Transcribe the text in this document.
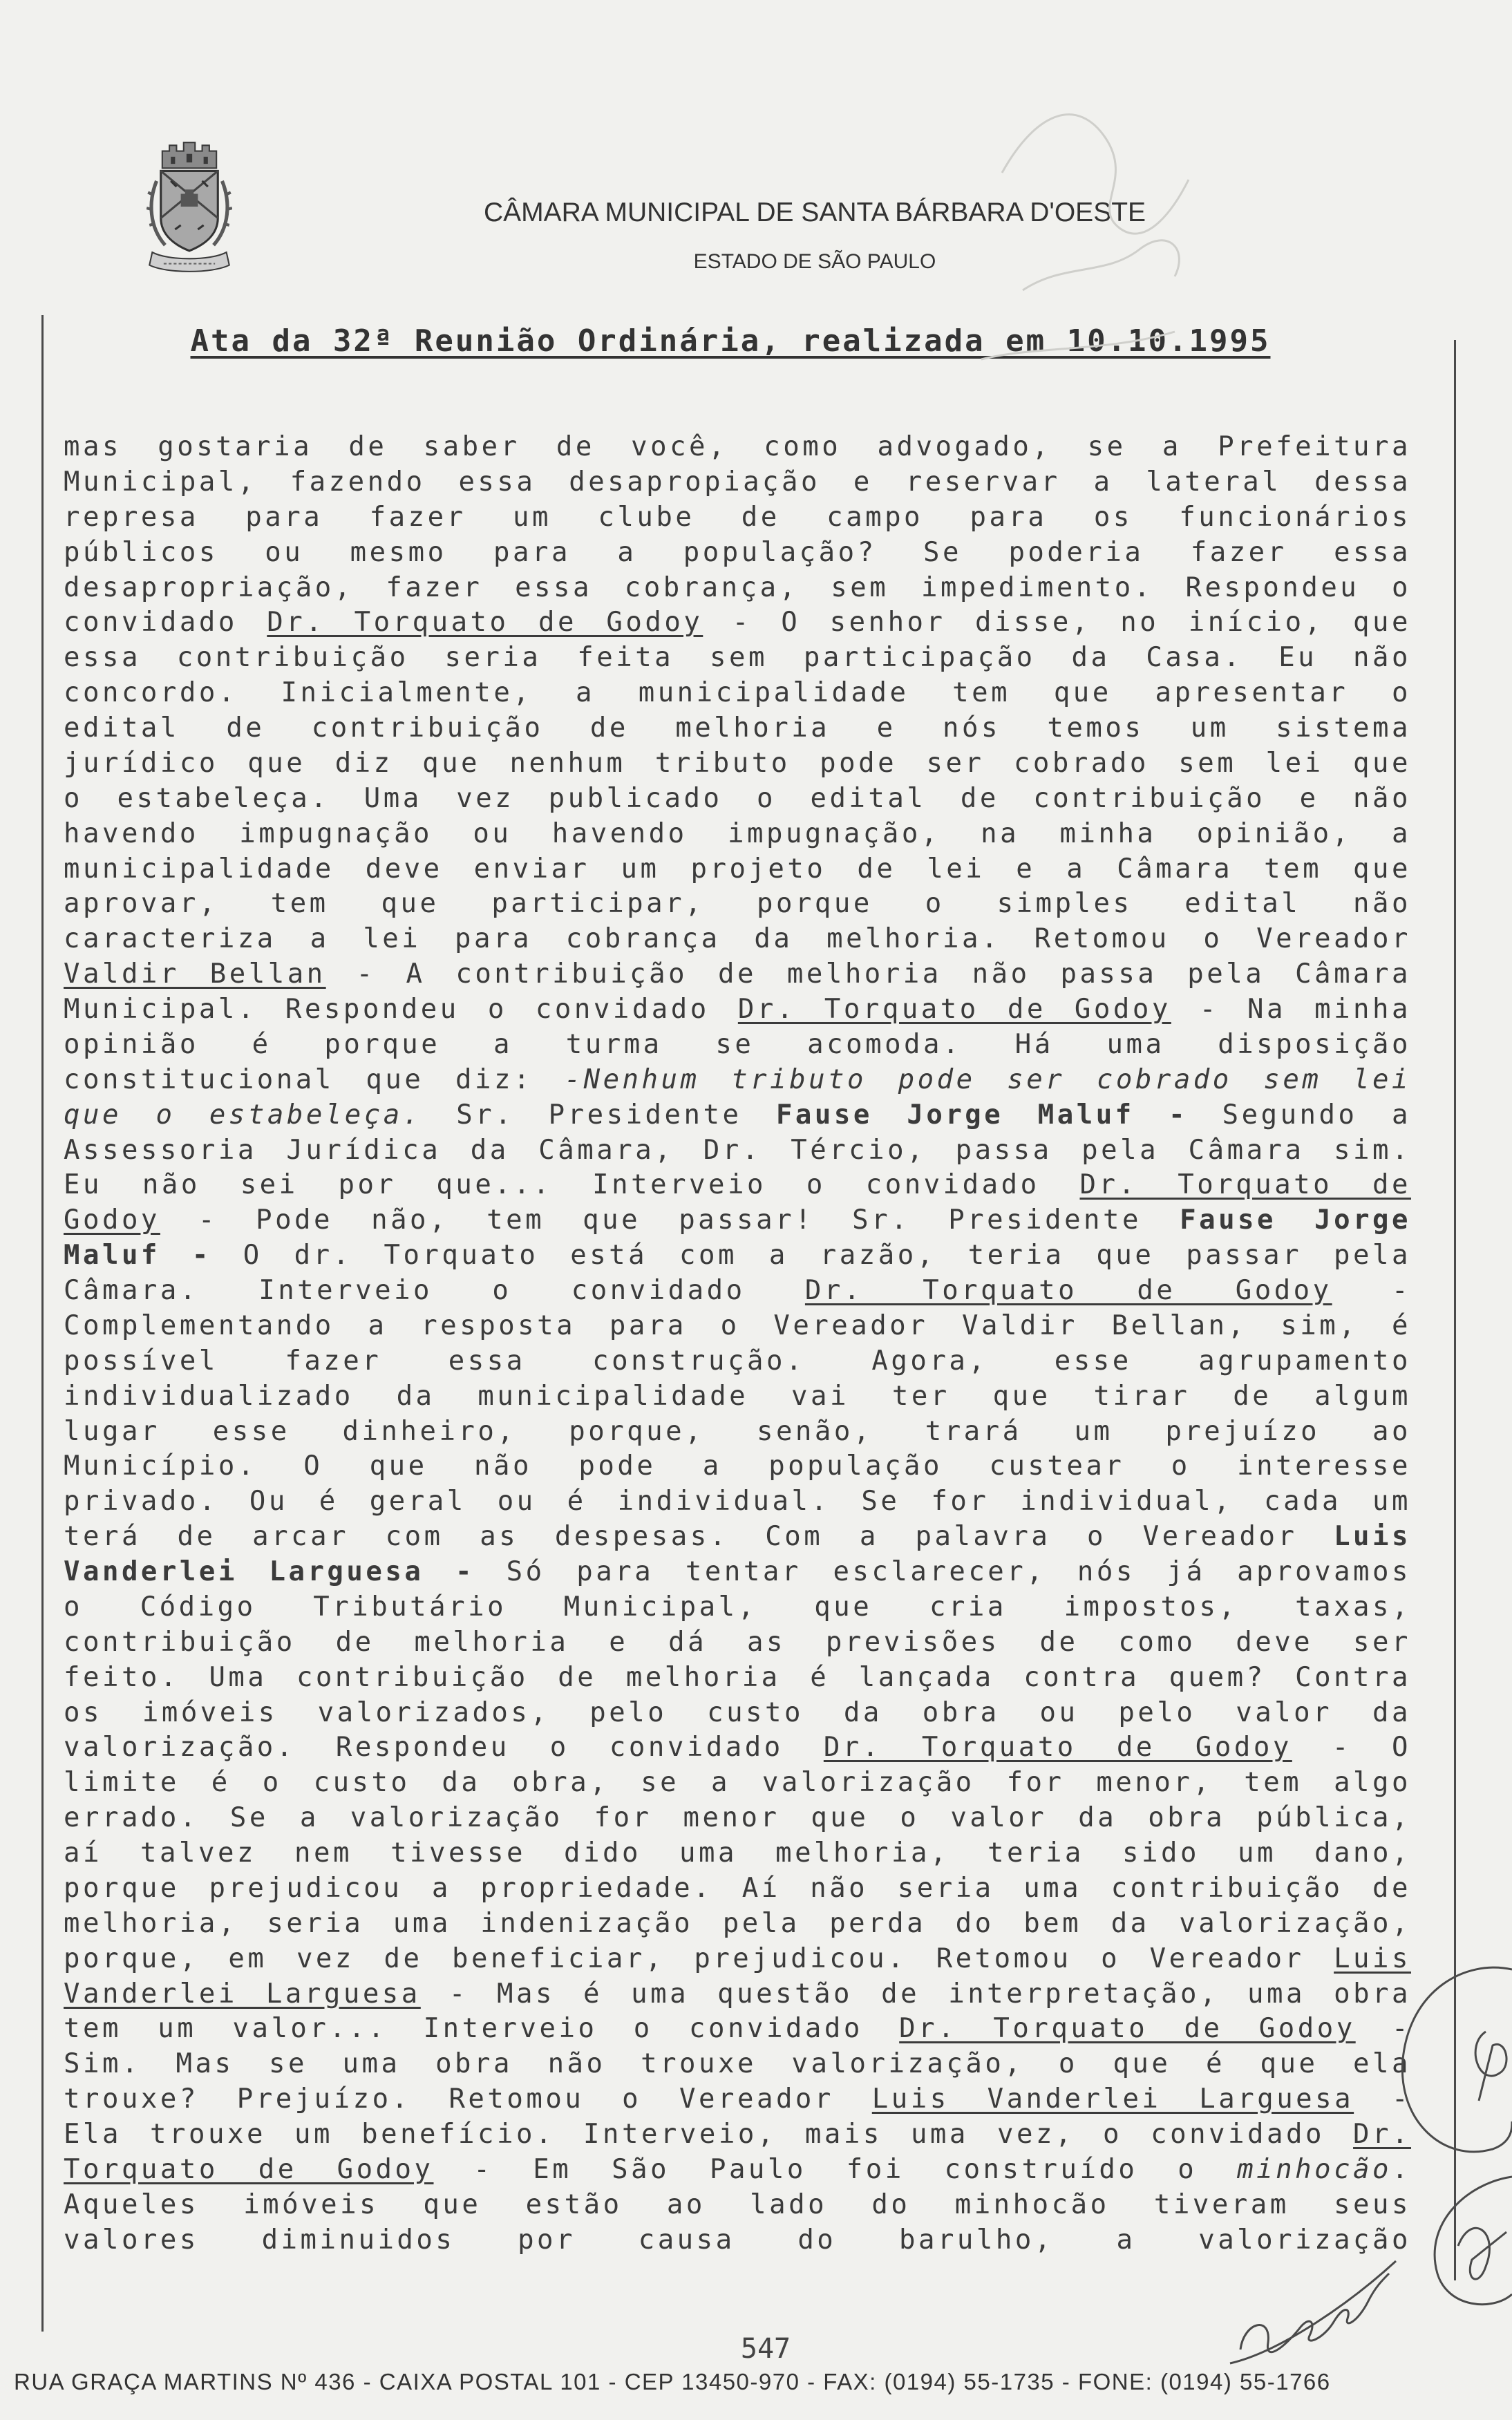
CÂMARA MUNICIPAL DE SANTA BÁRBARA D'OESTE
ESTADO DE SÃO PAULO
Ata da 32ª Reunião Ordinária, realizada em 10.10.1995
mas gostaria de saber de você, como advogado, se a Prefeitura
Municipal, fazendo essa desapropiação e reservar a lateral dessa
represa para fazer um clube de campo para os funcionários
públicos ou mesmo para a população? Se poderia fazer essa
desapropriação, fazer essa cobrança, sem impedimento. Respondeu o
convidado Dr. Torquato de Godoy - O senhor disse, no início, que
essa contribuição seria feita sem participação da Casa. Eu não
concordo. Inicialmente, a municipalidade tem que apresentar o
edital de contribuição de melhoria e nós temos um sistema
jurídico que diz que nenhum tributo pode ser cobrado sem lei que
o estabeleça. Uma vez publicado o edital de contribuição e não
havendo impugnação ou havendo impugnação, na minha opinião, a
municipalidade deve enviar um projeto de lei e a Câmara tem que
aprovar, tem que participar, porque o simples edital não
caracteriza a lei para cobrança da melhoria. Retomou o Vereador
Valdir Bellan - A contribuição de melhoria não passa pela Câmara
Municipal. Respondeu o convidado Dr. Torquato de Godoy - Na minha
opinião é porque a turma se acomoda. Há uma disposição
constitucional que diz: -Nenhum tributo pode ser cobrado sem lei
que o estabeleça. Sr. Presidente Fause Jorge Maluf - Segundo a
Assessoria Jurídica da Câmara, Dr. Tércio, passa pela Câmara sim.
Eu não sei por que... Interveio o convidado Dr. Torquato de
Godoy - Pode não, tem que passar! Sr. Presidente Fause Jorge
Maluf - O dr. Torquato está com a razão, teria que passar pela
Câmara. Interveio o convidado Dr. Torquato de Godoy -
Complementando a resposta para o Vereador Valdir Bellan, sim, é
possível fazer essa construção. Agora, esse agrupamento
individualizado da municipalidade vai ter que tirar de algum
lugar esse dinheiro, porque, senão, trará um prejuízo ao
Município. O que não pode a população custear o interesse
privado. Ou é geral ou é individual. Se for individual, cada um
terá de arcar com as despesas. Com a palavra o Vereador Luis
Vanderlei Larguesa - Só para tentar esclarecer, nós já aprovamos
o Código Tributário Municipal, que cria impostos, taxas,
contribuição de melhoria e dá as previsões de como deve ser
feito. Uma contribuição de melhoria é lançada contra quem? Contra
os imóveis valorizados, pelo custo da obra ou pelo valor da
valorização. Respondeu o convidado Dr. Torquato de Godoy - O
limite é o custo da obra, se a valorização for menor, tem algo
errado. Se a valorização for menor que o valor da obra pública,
aí talvez nem tivesse dido uma melhoria, teria sido um dano,
porque prejudicou a propriedade. Aí não seria uma contribuição de
melhoria, seria uma indenização pela perda do bem da valorização,
porque, em vez de beneficiar, prejudicou. Retomou o Vereador Luis
Vanderlei Larguesa - Mas é uma questão de interpretação, uma obra
tem um valor... Interveio o convidado Dr. Torquato de Godoy -
Sim. Mas se uma obra não trouxe valorização, o que é que ela
trouxe? Prejuízo. Retomou o Vereador Luis Vanderlei Larguesa -
Ela trouxe um benefício. Interveio, mais uma vez, o convidado Dr.
Torquato de Godoy - Em São Paulo foi construído o minhocão.
Aqueles imóveis que estão ao lado do minhocão tiveram seus
valores diminuidos por causa do barulho, a valorização
547
RUA GRAÇA MARTINS Nº 436 - CAIXA POSTAL 101 - CEP 13450-970 - FAX: (0194) 55-1735 - FONE: (0194) 55-1766
